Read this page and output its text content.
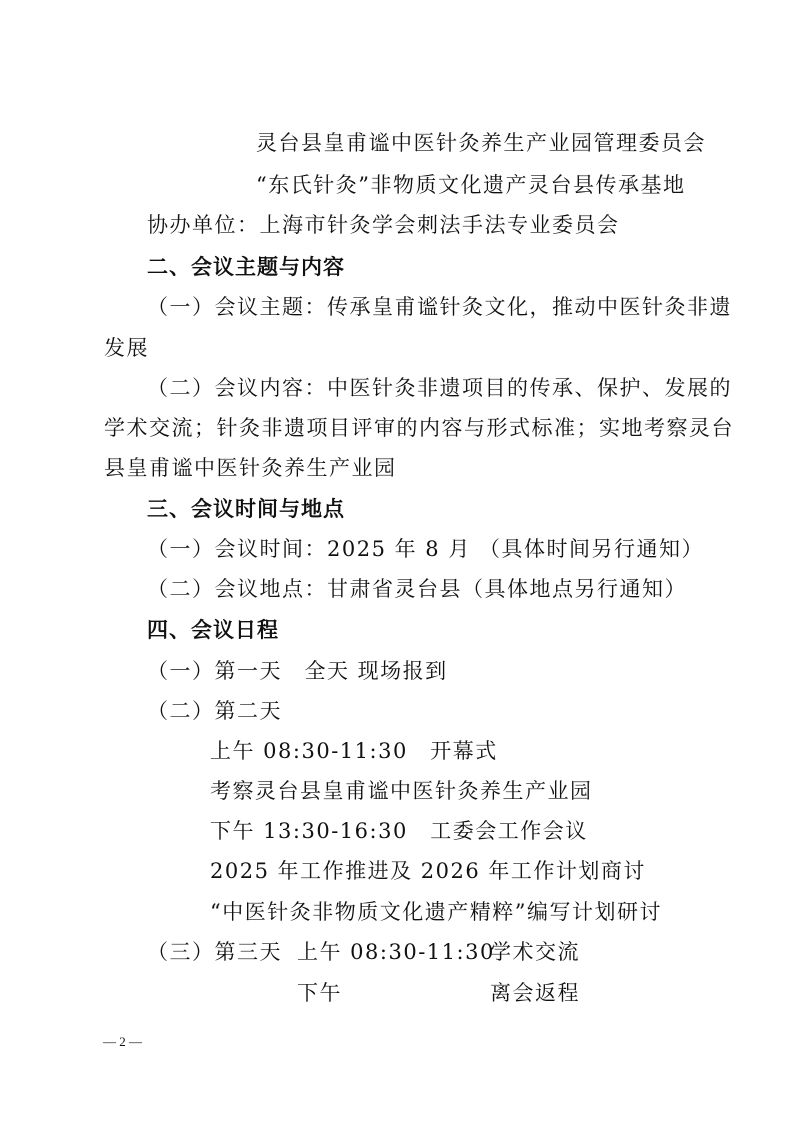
灵台县皇甫谧中医针灸养生产业园管理委员会
“东氏针灸”非物质文化遗产灵台县传承基地
协办单位：上海市针灸学会刺法手法专业委员会
二、会议主题与内容
（一）会议主题：传承皇甫谧针灸文化，推动中医针灸非遗
发展
（二）会议内容：中医针灸非遗项目的传承、保护、发展的
学术交流；针灸非遗项目评审的内容与形式标准；实地考察灵台
县皇甫谧中医针灸养生产业园
三、会议时间与地点
（一）会议时间：2025 年 8 月 （具体时间另行通知）
（二）会议地点：甘肃省灵台县（具体地点另行通知）
四、会议日程
（一）第一天　全天 现场报到
（二）第二天
上午 08:30-11:30　开幕式
考察灵台县皇甫谧中医针灸养生产业园
下午 13:30-16:30　工委会工作会议
2025 年工作推进及 2026 年工作计划商讨
“中医针灸非物质文化遗产精粹”编写计划研讨
（三）第三天 上午 08:30-11:30
学术交流
下午	离会返程
— 2 —
